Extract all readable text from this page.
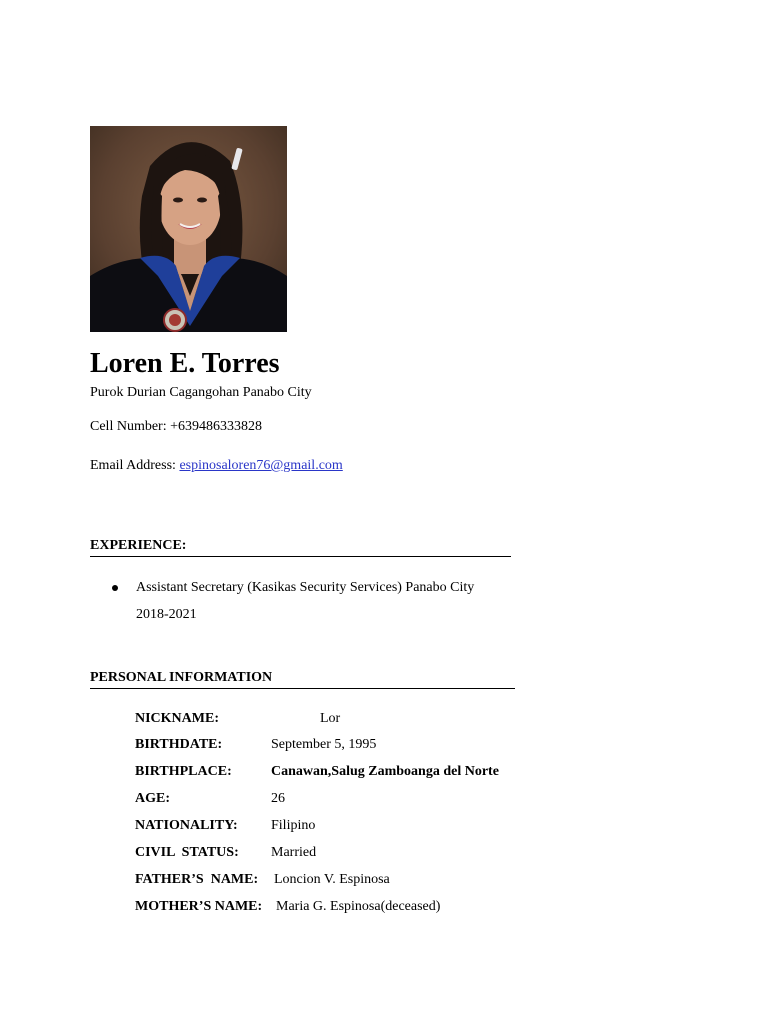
Loren E. Torres
Purok Durian Cagangohan Panabo City
Cell Number: +639486333828
Email Address: espinosaloren76@gmail.com
EXPERIENCE:
Assistant Secretary (Kasikas Security Services) Panabo City
2018-2021
PERSONAL INFORMATION
NICKNAME:	Lor
BIRTHDATE:	September 5, 1995
BIRTHPLACE:	Canawan,Salug Zamboanga del Norte
AGE:	26
NATIONALITY: Filipino
CIVIL  STATUS: Married
FATHER’S  NAME: Loncion V. Espinosa
MOTHER’S NAME: Maria G. Espinosa(deceased)
